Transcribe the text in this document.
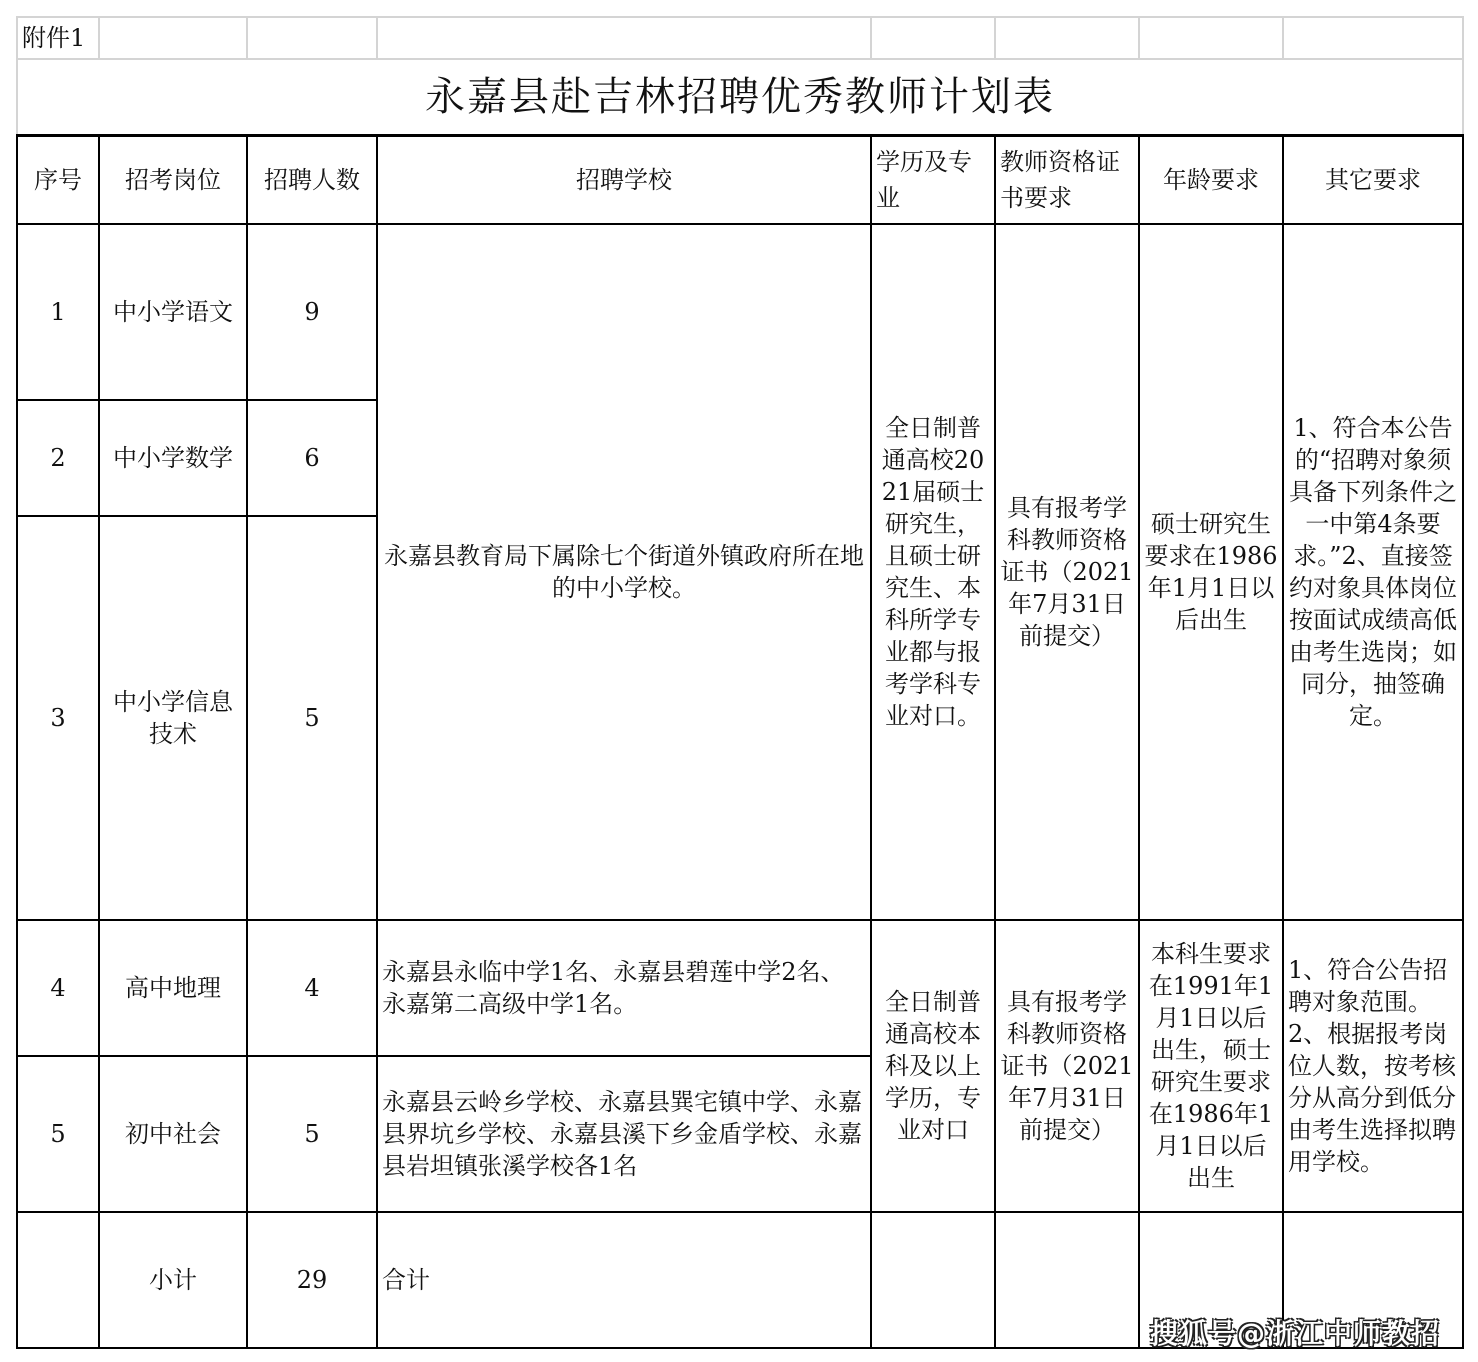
附件1							
永嘉县赴吉林招聘优秀教师计划表							
序号	招考岗位	招聘人数	招聘学校	学历及专业	教师资格证书要求	年龄要求	其它要求
1	中小学语文	9	永嘉县教育局下属除七个街道外镇政府所在地的中小学校。	全日制普通高校2021届硕士研究生，且硕士研究生、本科所学专业都与报考学科专业对口。	具有报考学科教师资格证书（2021年7月31日前提交）	硕士研究生要求在1986年1月1日以后出生	1、符合本公告的“招聘对象须具备下列条件之一中第4条要求。”2、直接签约对象具体岗位按面试成绩高低由考生选岗；如同分，抽签确定。
2	中小学数学	6					
3	中小学信息技术	5					
4	高中地理	4	永嘉县永临中学1名、永嘉县碧莲中学2名、永嘉第二高级中学1名。	全日制普通高校本科及以上学历，专业对口	具有报考学科教师资格证书（2021年7月31日前提交）	本科生要求在1991年1月1日以后出生，硕士研究生要求在1986年1月1日以后出生	1、符合公告招聘对象范围。2、根据报考岗位人数，按考核分从高分到低分由考生选择拟聘用学校。
5	初中社会	5	永嘉县云岭乡学校、永嘉县巽宅镇中学、永嘉县界坑乡学校、永嘉县溪下乡金盾学校、永嘉县岩坦镇张溪学校各1名				
	小计	29	合计				
搜狐号@浙江中师教招
